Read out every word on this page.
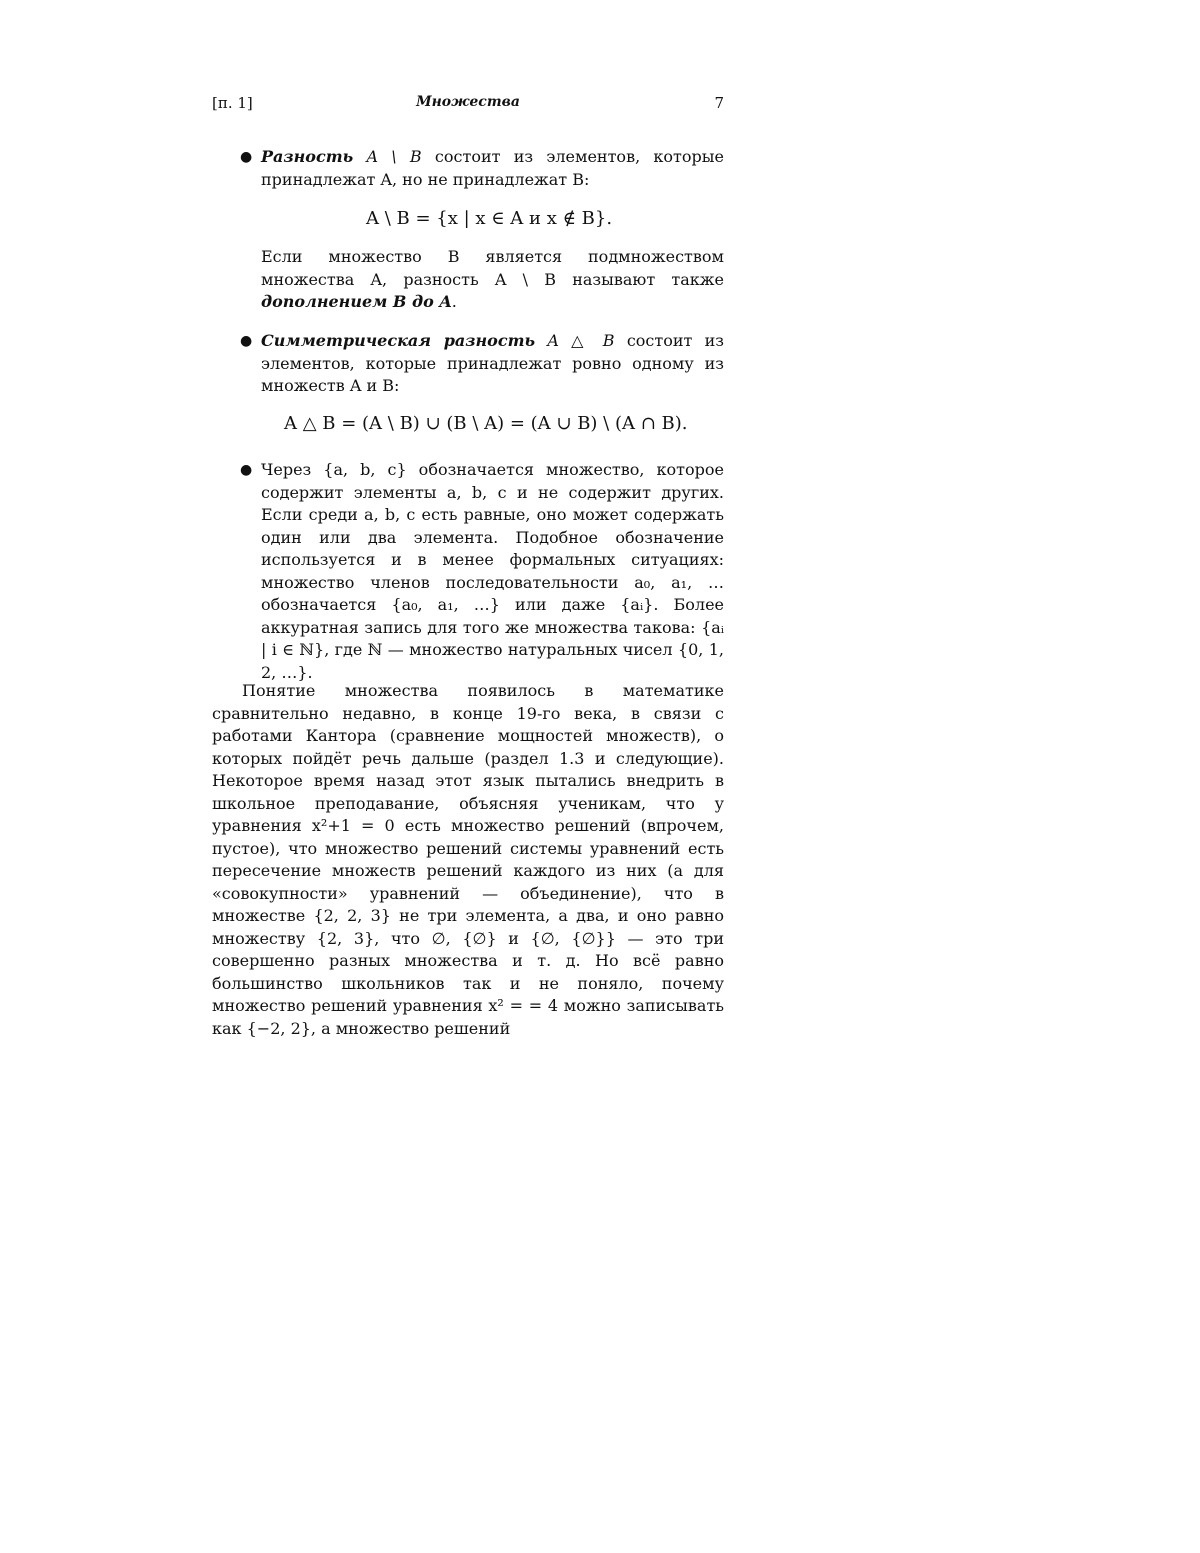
[п. 1]	Множества	7
● Разность A \ B состоит из элементов, которые принадлежат A, но не принадлежат B:
A \ B = {x | x ∈ A и x ∉ B}.
Если множество B является подмножеством множества A, разность A \ B называют также дополнением B до A.
● Симметрическая разность A △ B состоит из элементов, которые принадлежат ровно одному из множеств A и B:
A △ B = (A \ B) ∪ (B \ A) = (A ∪ B) \ (A ∩ B).
● Через {a, b, c} обозначается множество, которое содержит элементы a, b, c и не содержит других. Если среди a, b, c есть равные, оно может содержать один или два элемента. Подобное обозначение используется и в менее формальных ситуациях: множество членов последовательности a₀, a₁, … обозначается {a₀, a₁, …} или даже {aᵢ}. Более аккуратная запись для того же множества такова: {aᵢ | i ∈ ℕ}, где ℕ — множество натуральных чисел {0, 1, 2, …}.
Понятие множества появилось в математике сравнительно недавно, в конце 19-го века, в связи с работами Кантора (сравнение мощностей множеств), о которых пойдёт речь дальше (раздел 1.3 и следующие). Некоторое время назад этот язык пытались внедрить в школьное преподавание, объясняя ученикам, что у уравнения x²+1 = 0 есть множество решений (впрочем, пустое), что множество решений системы уравнений есть пересечение множеств решений каждого из них (а для «совокупности» уравнений — объединение), что в множестве {2, 2, 3} не три элемента, а два, и оно равно множеству {2, 3}, что ∅, {∅} и {∅, {∅}} — это три совершенно разных множества и т. д. Но всё равно большинство школьников так и не поняло, почему множество решений уравнения x² = = 4 можно записывать как {−2, 2}, а множество решений
